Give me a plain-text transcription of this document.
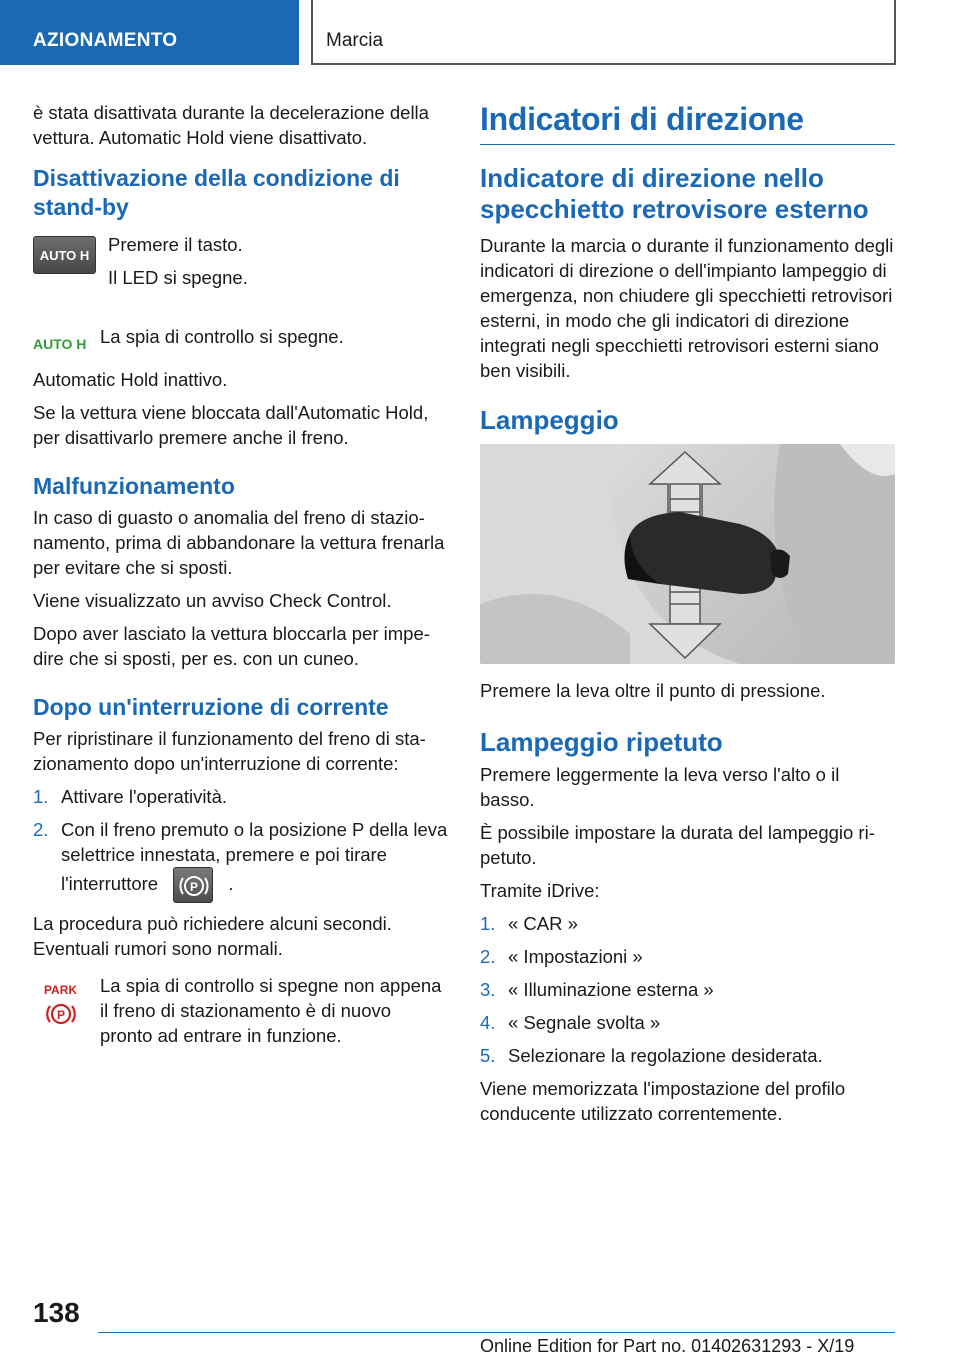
AZIONAMENTO	Marcia

è stata disattivata durante la decelerazione della vettura. Automatic Hold viene disattivato.

Disattivazione della condizione di stand-by
AUTO H	Premere il tasto.

Il LED si spegne.

AUTO H La spia di controllo si spegne.

Automatic Hold inattivo.

Se la vettura viene bloccata dall'Automatic Hold, per disattivarlo premere anche il freno.

Malfunzionamento

In caso di guasto o anomalia del freno di stazionamento, prima di abbandonare la vettura frenarla per evitare che si sposti.

Viene visualizzato un avviso Check Control.

Dopo aver lasciato la vettura bloccarla per impedire che si sposti, per es. con un cuneo.

Dopo un'interruzione di corrente

Per ripristinare il funzionamento del freno di stazionamento dopo un'interruzione di corrente:

1. Attivare l'operatività.
2. Con il freno premuto o la posizione P della leva selettrice innestata, premere e poi tirare l'interruttore	P .

La procedura può richiedere alcuni secondi. Eventuali rumori sono normali.

PARK
P

La spia di controllo si spegne non appena il freno di stazionamento è di nuovo pronto ad entrare in funzione.

Indicatori di direzione
Indicatore di direzione nello specchietto retrovisore esterno

Durante la marcia o durante il funzionamento degli indicatori di direzione o dell'impianto lampeggio di emergenza, non chiudere gli specchietti retrovisori esterni, in modo che gli indicatori di direzione integrati negli specchietti retrovisori esterni siano ben visibili.

Lampeggio

Premere la leva oltre il punto di pressione.

Lampeggio ripetuto

Premere leggermente la leva verso l'alto o il basso.

È possibile impostare la durata del lampeggio ripetuto.

Tramite iDrive:

1. « CAR »
2. « Impostazioni »
3. « Illuminazione esterna »
4. « Segnale svolta »
5. Selezionare la regolazione desiderata.

Viene memorizzata l'impostazione del profilo conducente utilizzato correntemente.

138
Online Edition for Part no. 01402631293 - X/19
